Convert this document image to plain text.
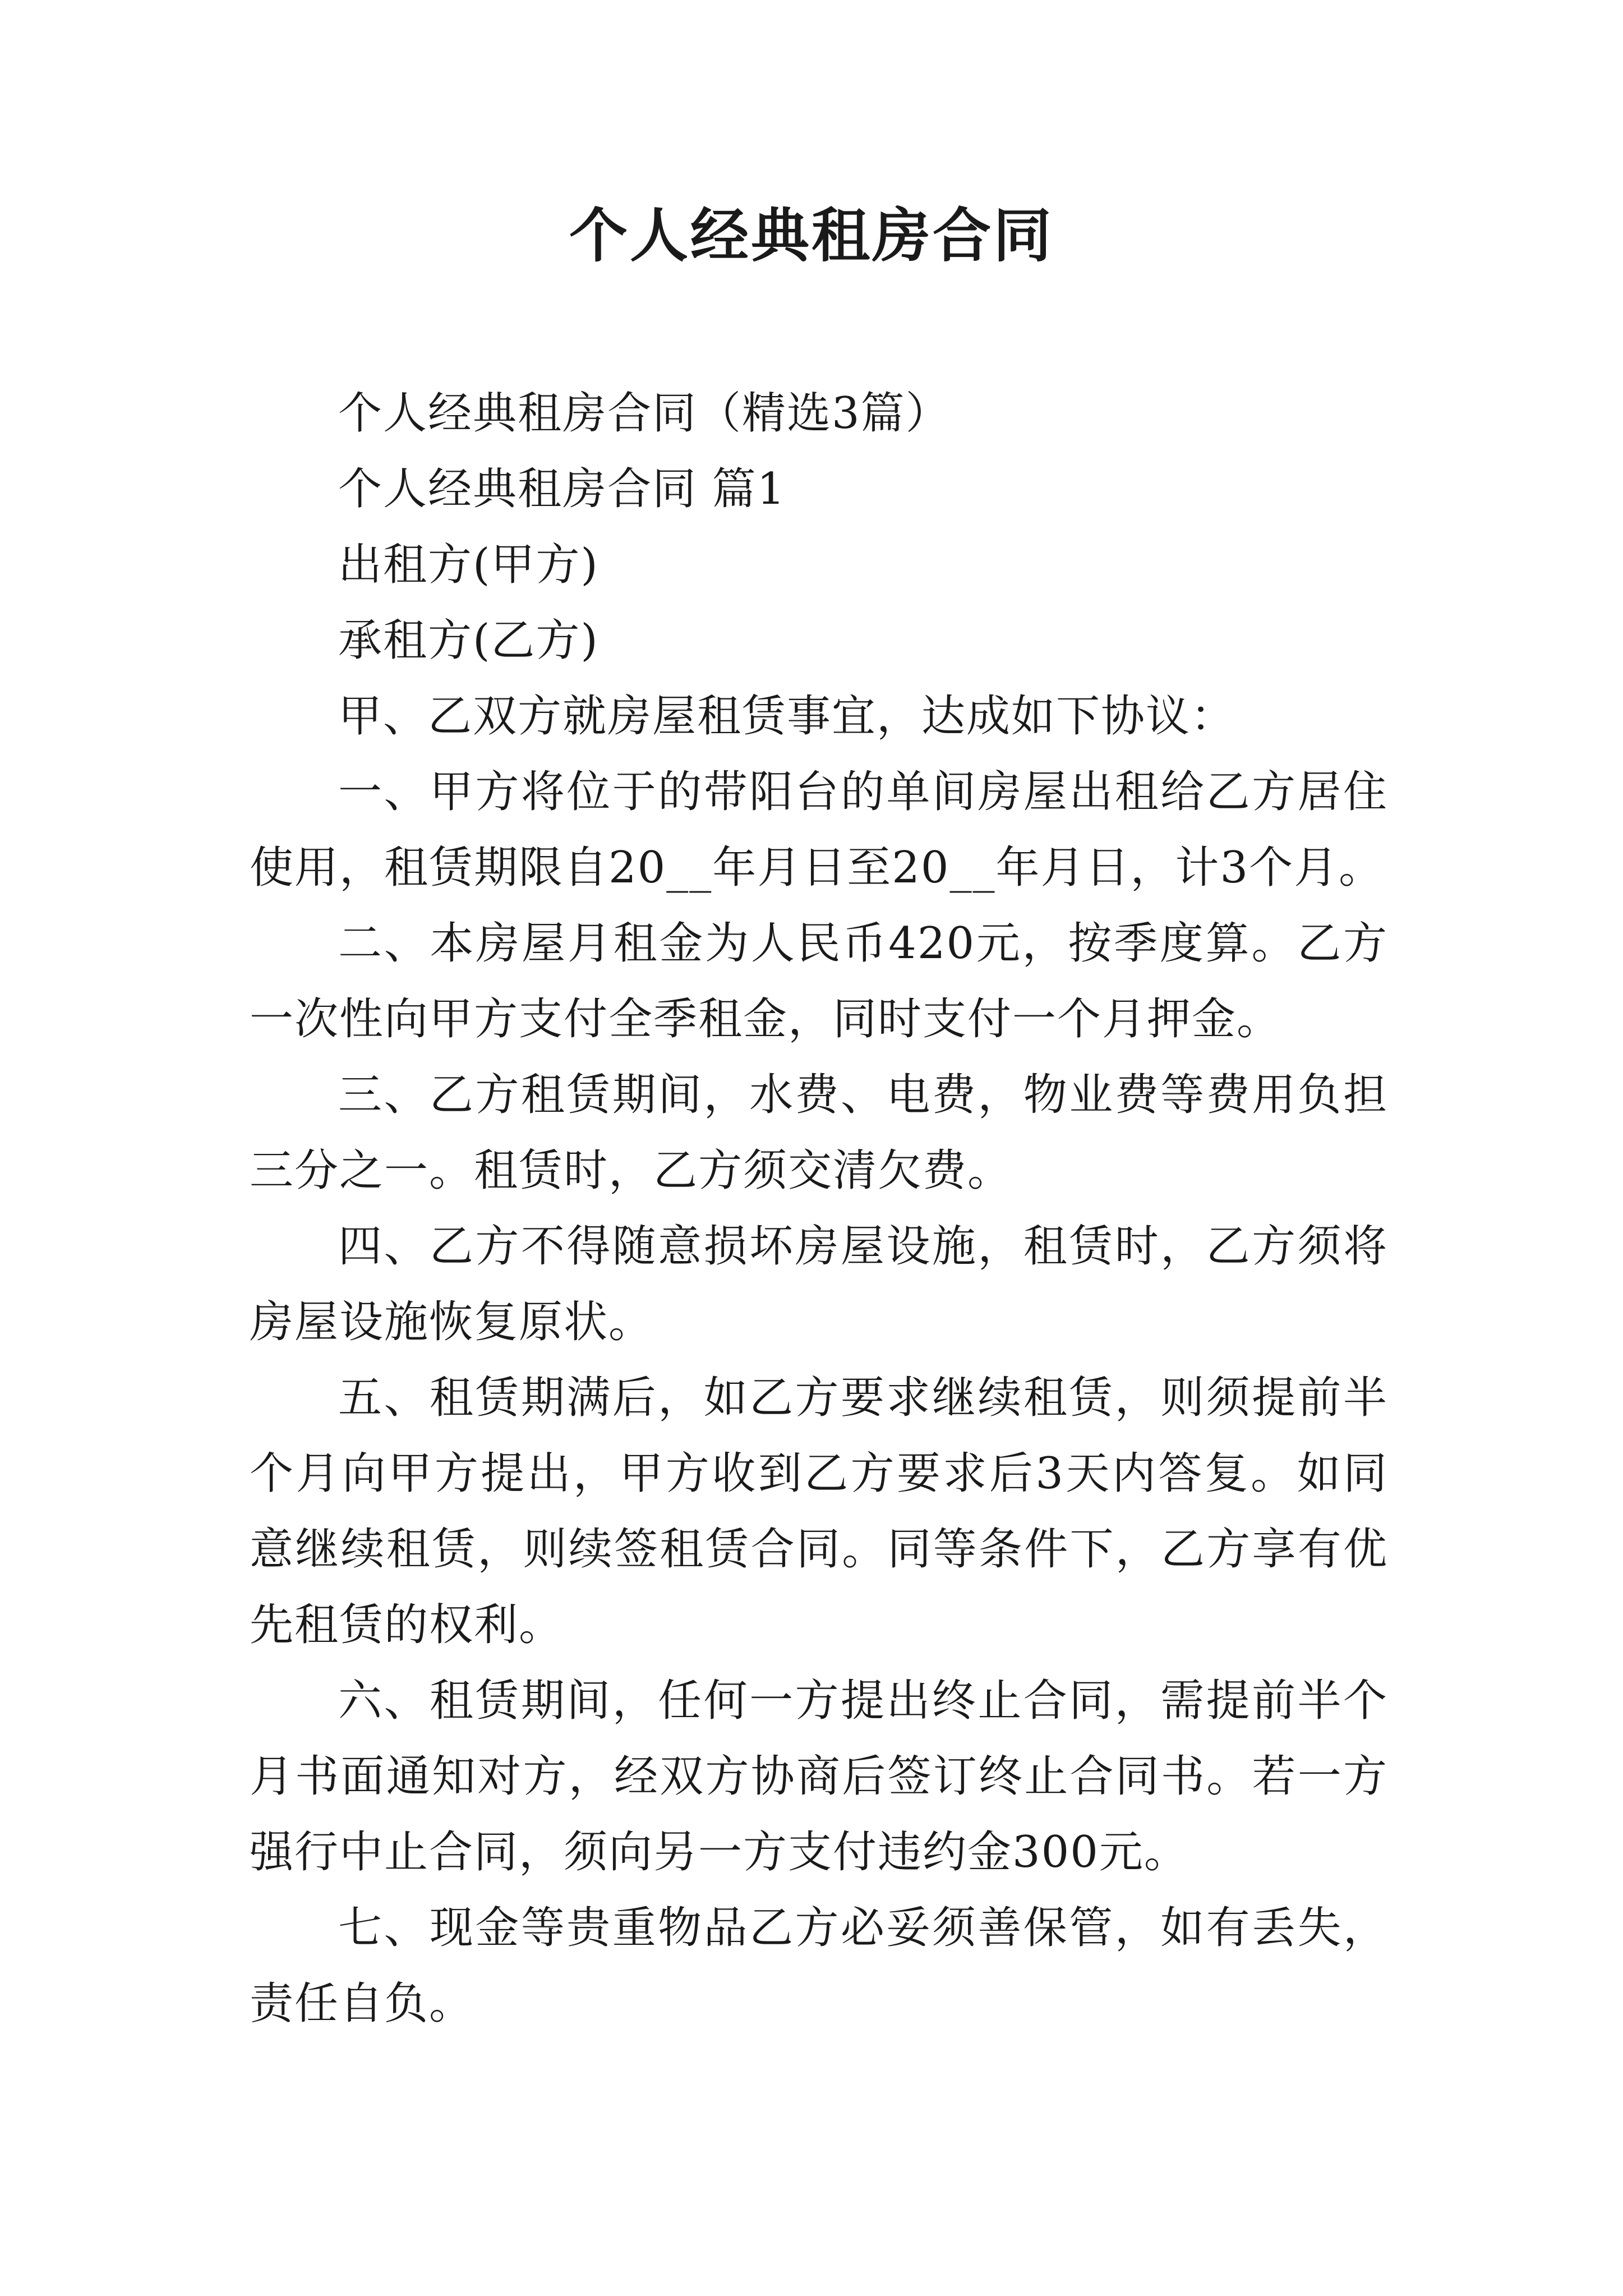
个人经典租房合同

个人经典租房合同（精选3篇）

个人经典租房合同 篇1

出租方(甲方)

承租方(乙方)

甲、乙双方就房屋租赁事宜，达成如下协议：

一、甲方将位于的带阳台的单间房屋出租给乙方居住使用，租赁期限自20__年月日至20__年月日，计3个月。

二、本房屋月租金为人民币420元，按季度算。乙方一次性向甲方支付全季租金，同时支付一个月押金。

三、乙方租赁期间，水费、电费，物业费等费用负担三分之一。租赁时，乙方须交清欠费。

四、乙方不得随意损坏房屋设施，租赁时，乙方须将房屋设施恢复原状。

五、租赁期满后，如乙方要求继续租赁，则须提前半个月向甲方提出，甲方收到乙方要求后3天内答复。如同意继续租赁，则续签租赁合同。同等条件下，乙方享有优先租赁的权利。

六、租赁期间，任何一方提出终止合同，需提前半个月书面通知对方，经双方协商后签订终止合同书。若一方强行中止合同，须向另一方支付违约金300元。

七、现金等贵重物品乙方必妥须善保管，如有丢失，责任自负。
